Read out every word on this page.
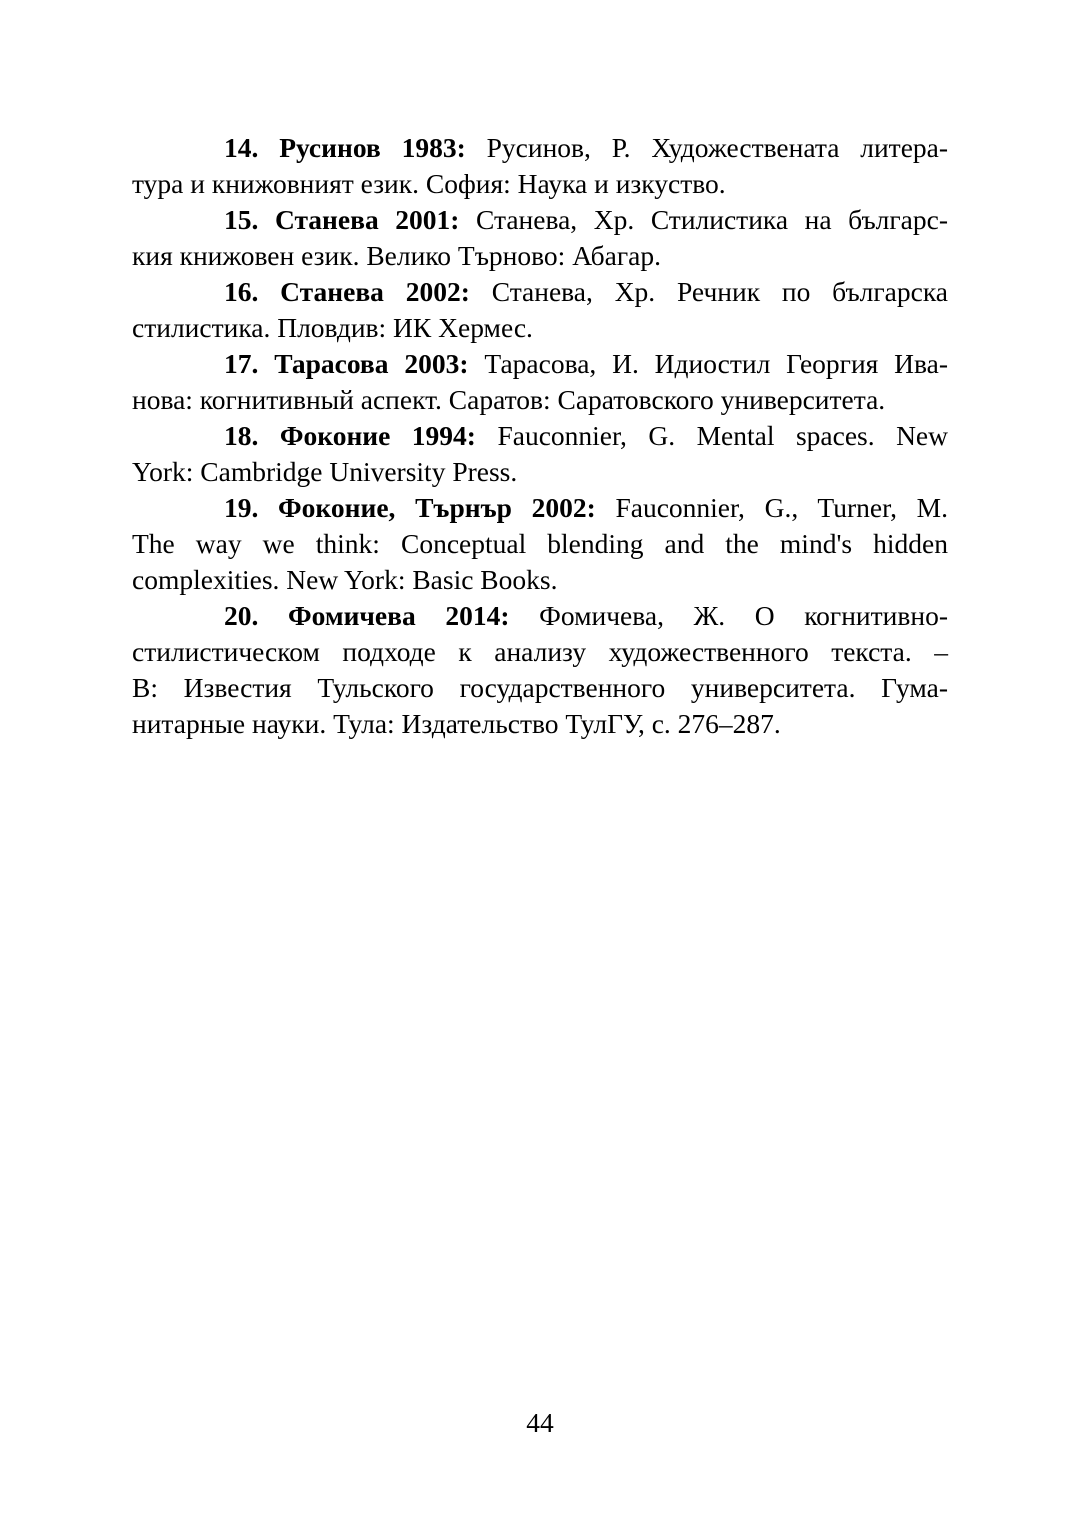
14. Русинов 1983: Русинов, Р. Художествената литера-
тура и книжовният език. София: Наука и изкуство.
15. Станева 2001: Станева, Хр. Стилистика на българс-
кия книжовен език. Велико Търново: Абагар.
16. Станева 2002: Станева, Хр. Речник по българска
стилистика. Пловдив: ИК Хермес.
17. Тарасова 2003: Тарасова, И. Идиостил Георгия Ива-
нова: когнитивный аспект. Саратов: Саратовского университета.
18. Фоконие 1994: Fauconnier, G. Mental spaces. New
York: Cambridge University Press.
19. Фоконие, Търнър 2002: Fauconnier, G., Turner, M.
The way we think: Conceptual blending and the mind's hidden
complexities. New York: Basic Books.
20. Фомичева 2014: Фомичева, Ж. О когнитивно-
стилистическом подходе к анализу художественного текста. –
В: Известия Тульского государственного университета. Гума-
нитарные науки. Тула: Издательство ТулГУ, с. 276–287.
44
